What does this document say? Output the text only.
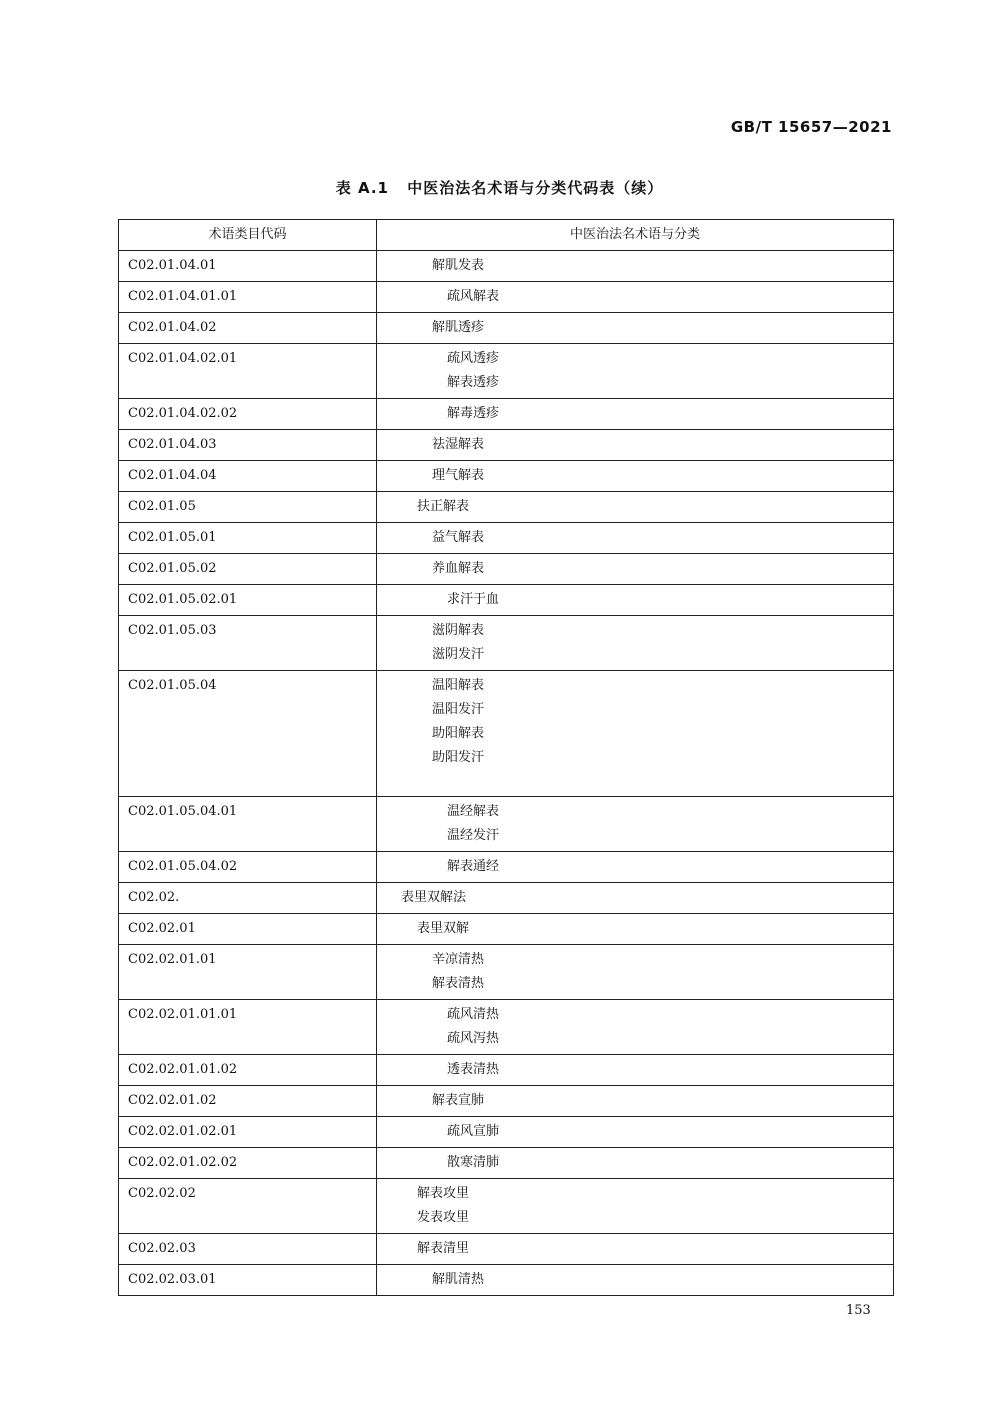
GB/T 15657—2021
表 A.1 中医治法名术语与分类代码表（续）
术语类目代码	中医治法名术语与分类
C02.01.04.01	解肌发表

C02.01.04.01.01	疏风解表

C02.01.04.02	解肌透疹

C02.01.04.02.01	疏风透疹
解表透疹

C02.01.04.02.02	解毒透疹

C02.01.04.03	祛湿解表

C02.01.04.04	理气解表

C02.01.05	扶正解表

C02.01.05.01	益气解表

C02.01.05.02	养血解表

C02.01.05.02.01	求汗于血

C02.01.05.03	滋阴解表
滋阴发汗

C02.01.05.04	温阳解表
温阳发汗
助阳解表
助阳发汗

C02.01.05.04.01	温经解表
温经发汗

C02.01.05.04.02	解表通经

C02.02.	表里双解法

C02.02.01	表里双解

C02.02.01.01	辛凉清热
解表清热

C02.02.01.01.01	疏风清热
疏风泻热

C02.02.01.01.02	透表清热

C02.02.01.02	解表宣肺

C02.02.01.02.01	疏风宣肺

C02.02.01.02.02	散寒清肺

C02.02.02	解表攻里
发表攻里

C02.02.03	解表清里

C02.02.03.01	解肌清热
153
